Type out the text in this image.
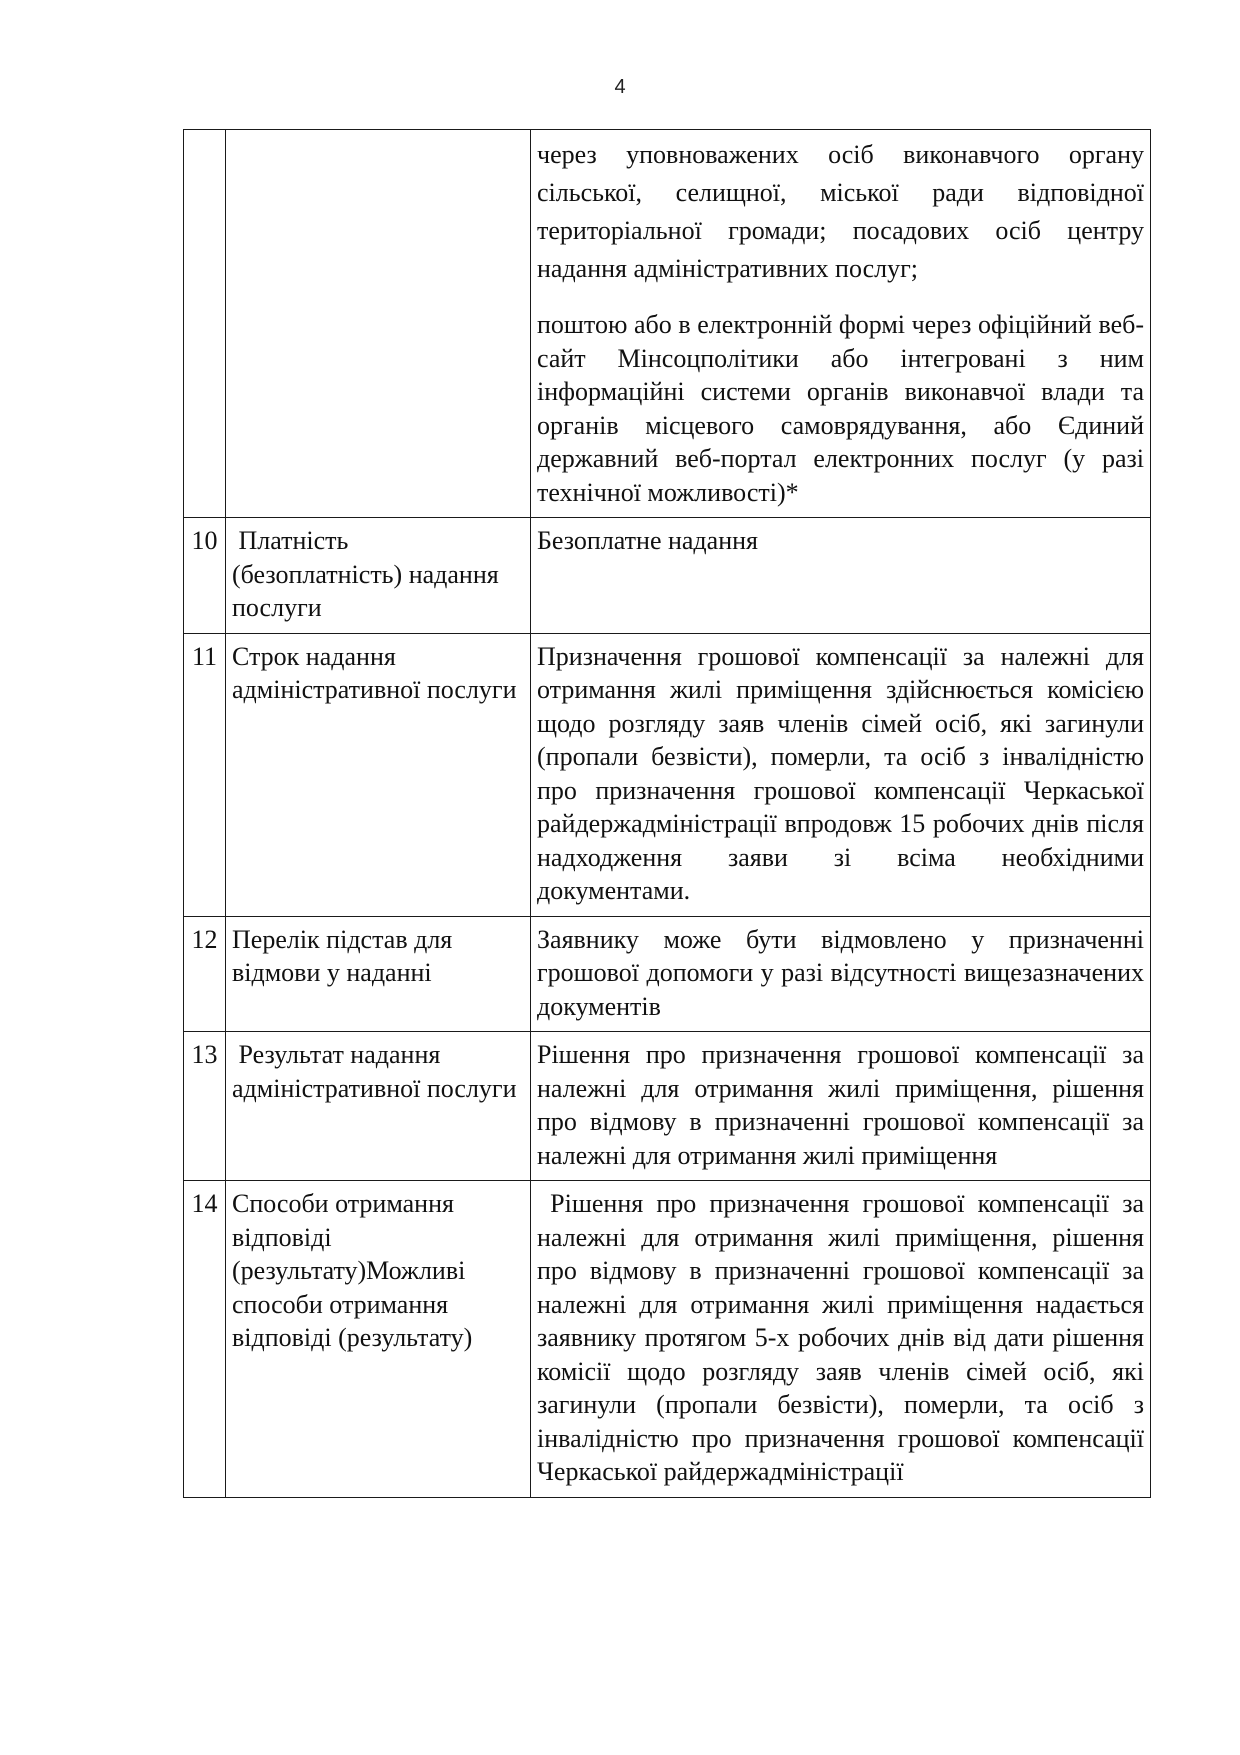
4

		через уповноважених осіб виконавчого органу сільської, селищної, міської ради відповідної територіальної громади; посадових осіб центру надання адміністративних послуг;

поштою або в електронній формі через офіційний веб-сайт Мінсоцполітики або інтегровані з ним інформаційні системи органів виконавчої влади та органів місцевого самоврядування, або Єдиний державний веб-портал електронних послуг (у разі технічної можливості)*

10	Платність (безоплатність) надання послуги	Безоплатне надання

11	Строк надання адміністративної послуги	Призначення грошової компенсації за належні для отримання жилі приміщення здійснюється комісією щодо розгляду заяв членів сімей осіб, які загинули (пропали безвісти), померли, та осіб з інвалідністю про призначення грошової компенсації Черкаської райдержадміністрації впродовж 15 робочих днів після надходження заяви зі всіма необхідними документами.

12	Перелік підстав для відмови у наданні	Заявнику може бути відмовлено у призначенні грошової допомоги у разі відсутності вищезазначених документів

13	Результат надання адміністративної послуги	Рішення про призначення грошової компенсації за належні для отримання жилі приміщення, рішення про відмову в призначенні грошової компенсації за належні для отримання жилі приміщення

14	Способи отримання відповіді (результату)Можливі способи отримання відповіді (результату)	Рішення про призначення грошової компенсації за належні для отримання жилі приміщення, рішення про відмову в призначенні грошової компенсації за належні для отримання жилі приміщення надається заявнику протягом 5-х робочих днів від дати рішення комісії щодо розгляду заяв членів сімей осіб, які загинули (пропали безвісти), померли, та осіб з інвалідністю про призначення грошової компенсації Черкаської райдержадміністрації
